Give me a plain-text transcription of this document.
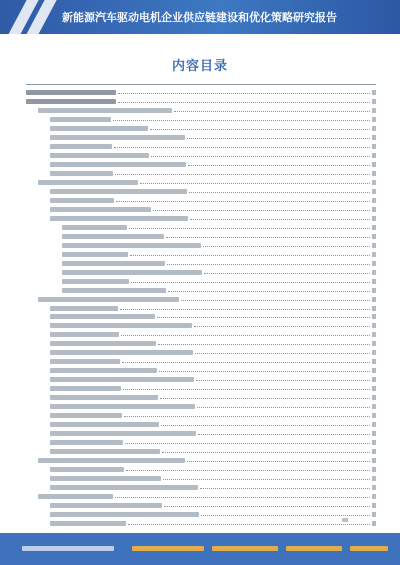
新能源汽车驱动电机企业供应链建设和优化策略研究报告
内容目录
